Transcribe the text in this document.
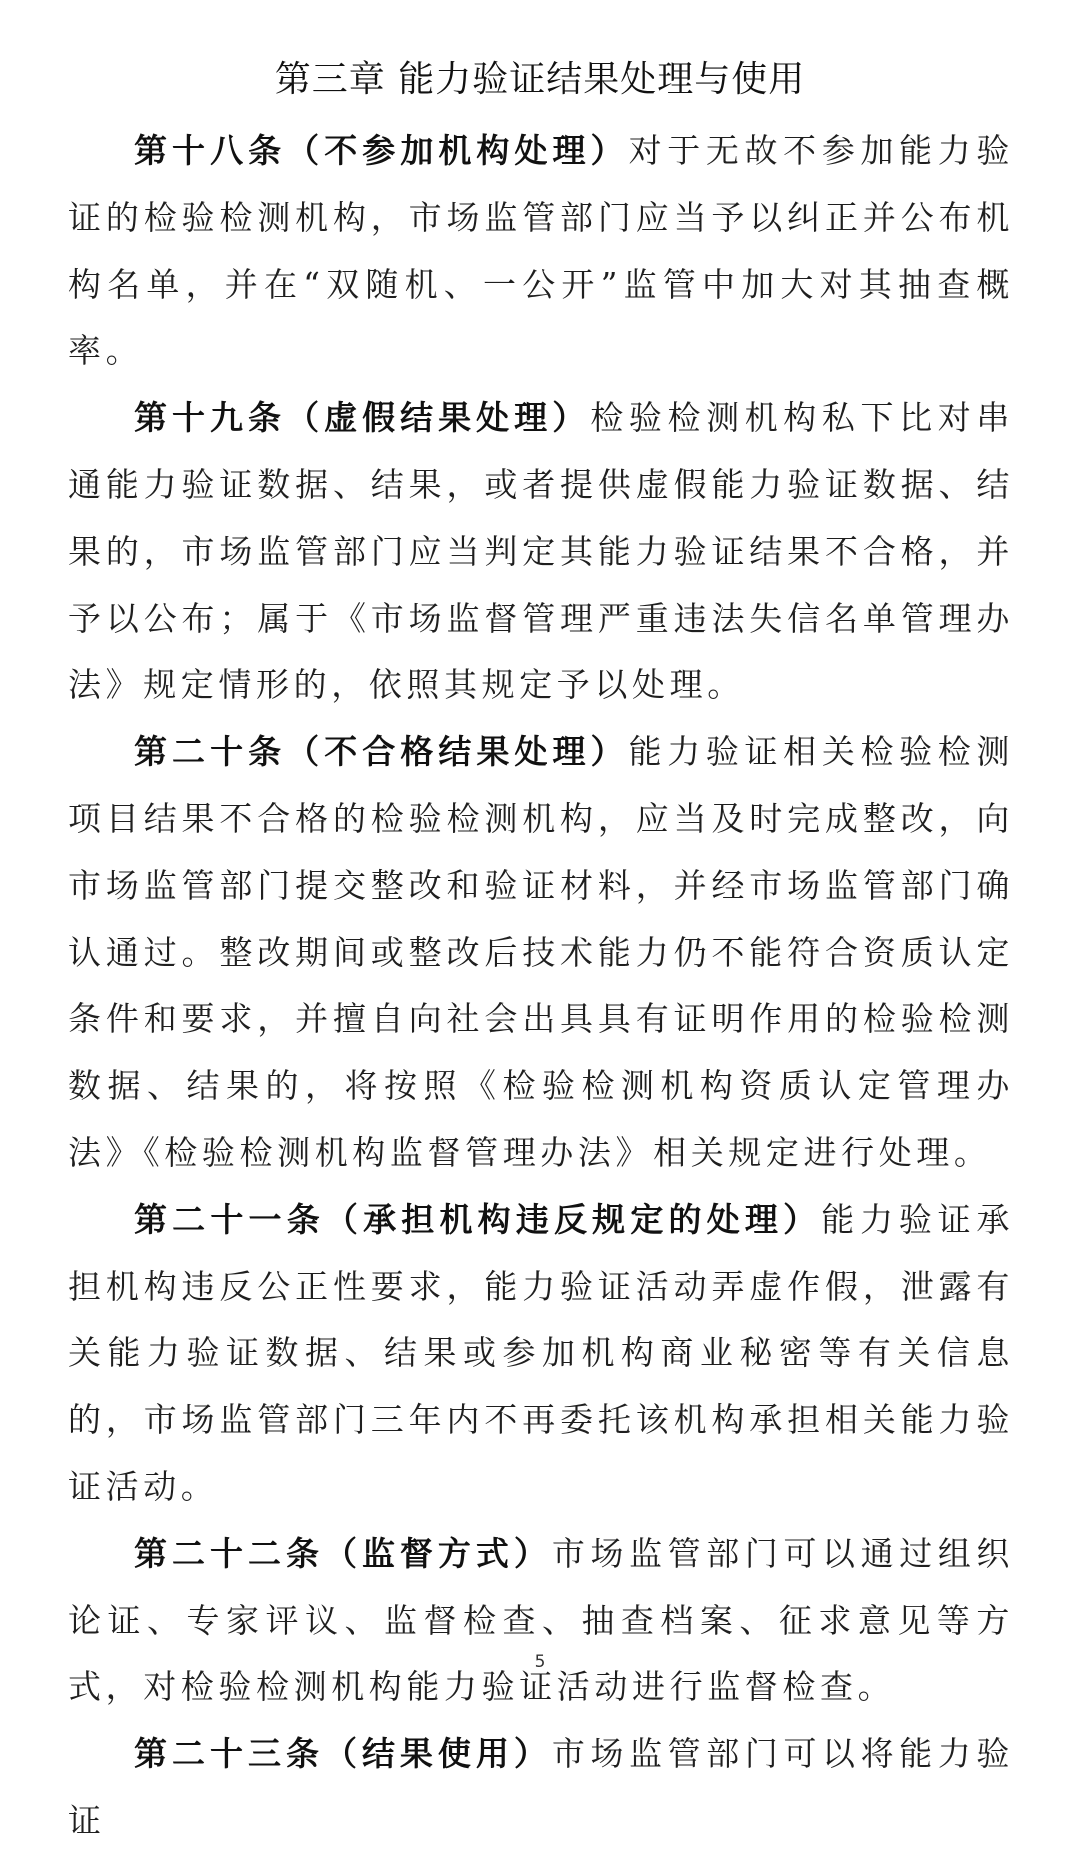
第三章 能力验证结果处理与使用

第十八条（不参加机构处理）对于无故不参加能力验证的检验检测机构，市场监管部门应当予以纠正并公布机构名单，并在“双随机、一公开”监管中加大对其抽查概率。

第十九条（虚假结果处理）检验检测机构私下比对串通能力验证数据、结果，或者提供虚假能力验证数据、结果的，市场监管部门应当判定其能力验证结果不合格，并予以公布；属于《市场监督管理严重违法失信名单管理办法》规定情形的，依照其规定予以处理。

第二十条（不合格结果处理）能力验证相关检验检测项目结果不合格的检验检测机构，应当及时完成整改，向市场监管部门提交整改和验证材料，并经市场监管部门确认通过。整改期间或整改后技术能力仍不能符合资质认定条件和要求，并擅自向社会出具具有证明作用的检验检测数据、结果的，将按照《检验检测机构资质认定管理办法》《检验检测机构监督管理办法》相关规定进行处理。

第二十一条（承担机构违反规定的处理）能力验证承担机构违反公正性要求，能力验证活动弄虚作假，泄露有关能力验证数据、结果或参加机构商业秘密等有关信息的，市场监管部门三年内不再委托该机构承担相关能力验证活动。

第二十二条（监督方式）市场监管部门可以通过组织论证、专家评议、监督检查、抽查档案、征求意见等方式，对检验检测机构能力验证活动进行监督检查。

第二十三条（结果使用）市场监管部门可以将能力验证

5
